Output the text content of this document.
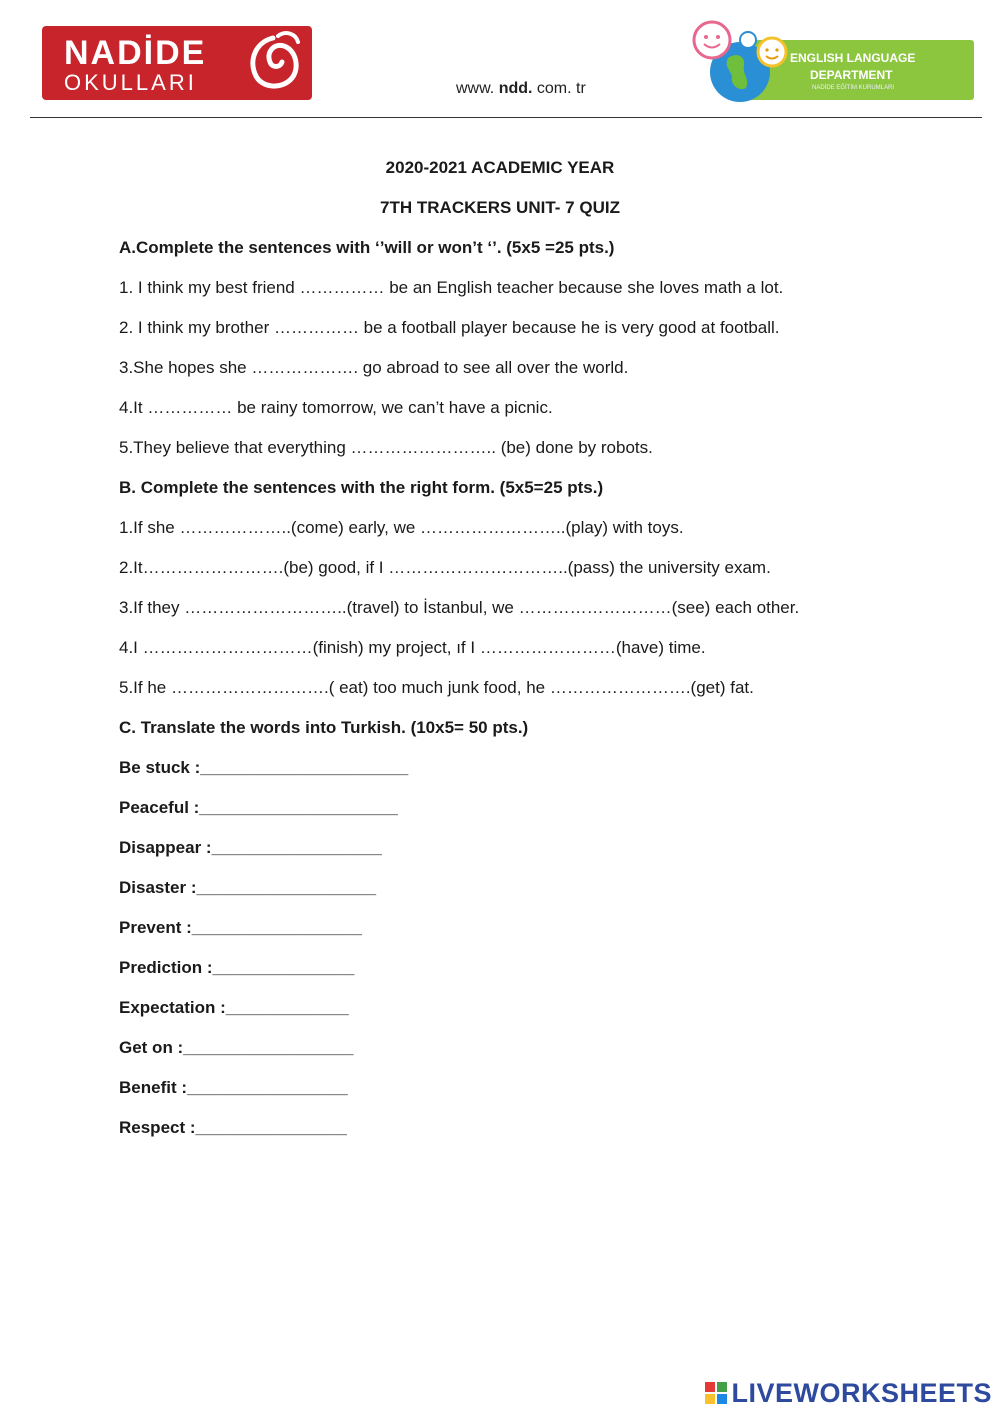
NADİDE
OKULLARI	www. ndd. com. tr
ENGLISH LANGUAGE
DEPARTMENT
NADİDE EĞİTİM KURUMLARI
2020-2021 ACADEMIC YEAR
7TH TRACKERS UNIT- 7 QUIZ
A.Complete the sentences with ‘’will or won’t ‘’. (5x5 =25 pts.)
1. I think my best friend …………… be an English teacher because she loves math a lot.
2. I think my brother …………… be a football player because he is very good at football.
3.She hopes she ………………. go abroad to see all over the world.
4.It …………… be rainy tomorrow, we can’t have a picnic.
5.They believe that everything …………………….. (be) done by robots.
B. Complete the sentences with the right form. (5x5=25 pts.)
1.If she ………………..(come) early, we ……………………..(play) with toys.
2.It…………………….(be) good, if I …………………………..(pass) the university exam.
3.If they ………………………..(travel) to İstanbul, we ………………………(see) each other.
4.I …………………………(finish) my project, ıf I ……………………(have) time.
5.If he ……………………….( eat) too much junk food, he …………………….(get) fat.
C. Translate the words into Turkish. (10x5= 50 pts.)
Be stuck :______________________
Peaceful :_____________________
Disappear :__________________
Disaster :___________________
Prevent :__________________
Prediction :_______________
Expectation :_____________
Get on :__________________
Benefit :_________________
Respect :________________
LIVEWORKSHEETS
